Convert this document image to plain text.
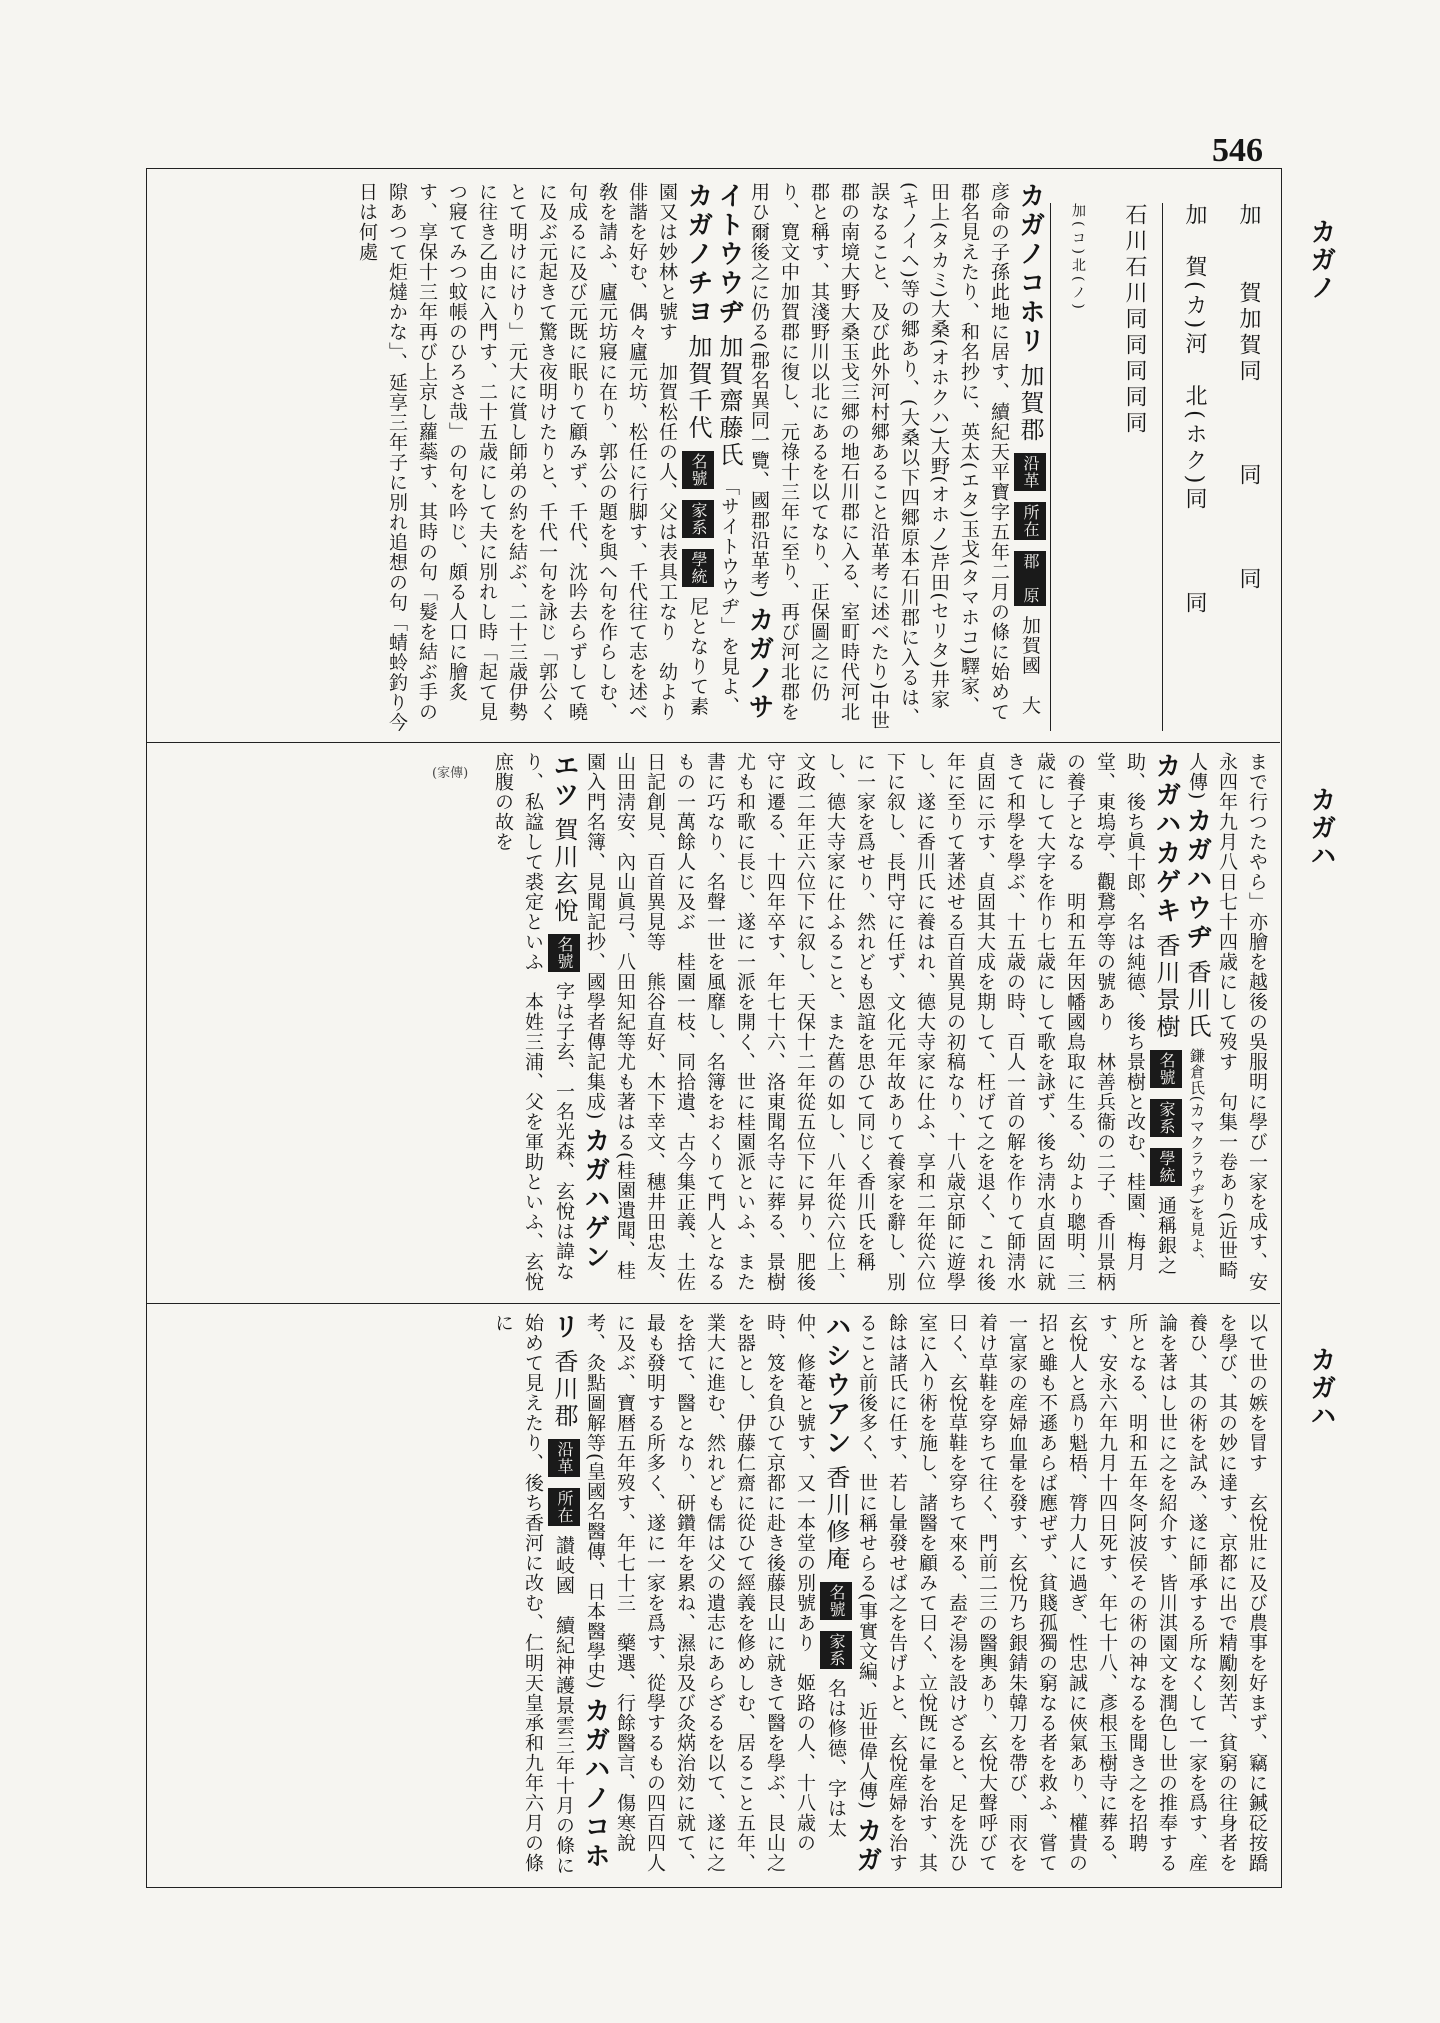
546
カガノ
カガハ
カガハ
加　　賀加賀同　　　同　　　同
加　賀(カ)河　北(ホク)同　　　同
石川石川同同同同同
加(コ)北(ノ)
カガノコホリ 加賀郡 沿革 所在 郡　原 加賀國　大彦命の子孫此地に居す、續紀天平寶字五年二月の條に始めて郡名見えたり、和名抄に、英太(エタ)玉戈(タマホコ)驛家、田上(タカミ)大桑(オホクハ)大野(オホノ)芹田(セリタ)井家(キノイヘ)等の郷あり、(大桑以下四郷原本石川郡に入るは、誤なること、及び此外河村郷あること沿革考に述べたり)中世郡の南境大野大桑玉戈三郷の地石川郡に入る、室町時代河北郡と稱す、其淺野川以北にあるを以てなり、正保圖之に仍り、寛文中加賀郡に復し、元祿十三年に至り、再び河北郡を用ひ爾後之に仍る(郡名異同一覽、國郡沿革考) カガノサイトウウヂ 加賀齋藤氏 「サイトウウヂ」を見よ、 カガノチヨ 加賀千代 名號 家系 學統 尼となりて素園又は妙林と號す　加賀松任の人、父は表具工なり　幼より俳諧を好む、偶々廬元坊、松任に行脚す、千代往て志を述べ敎を請ふ、廬元坊寢に在り、郭公の題を與へ句を作らしむ、句成るに及び元既に眠りて顧みず、千代、沈吟去らずして曉に及ぶ元起きて驚き夜明けたりと、千代一句を詠じ「郭公くとて明けにけり」元大に賞し師弟の約を結ぶ、二十三歳伊勢に往き乙由に入門す、二十五歳にして夫に別れし時「起て見つ寢てみつ蚊帳のひろさ哉」の句を吟じ、頗る人口に膾炙す、享保十三年再び上京し蘿蘂す、其時の句「髮を結ぶ手の隙あつて炬燵かな」、延享三年子に別れ追想の句「蜻蛉釣り今日は何處
まで行つたやら」亦膾を越後の吳服明に學び一家を成す、安永四年九月八日七十四歳にして歿す　句集一卷あり(近世畸人傳) カガハウヂ 香川氏 鎌倉氏(カマクラウヂ)を見よ、 カガハカゲキ 香川景樹 名號 家系 學統 通稱銀之助、後ち眞十郎、名は純德、後ち景樹と改む、桂園、梅月堂、東塢亭、觀鵞亭等の號あり　林善兵衞の二子、香川景柄の養子となる　明和五年因幡國鳥取に生る、幼より聰明、三歳にして大字を作り七歳にして歌を詠ず、後ち淸水貞固に就きて和學を學ぶ、十五歳の時、百人一首の解を作りて師淸水貞固に示す、貞固其大成を期して、枉げて之を退く、これ後年に至りて著述せる百首異見の初稿なり、十八歳京師に遊學し、遂に香川氏に養はれ、德大寺家に仕ふ、享和二年從六位下に叙し、長門守に任ず、文化元年故ありて養家を辭し、別に一家を爲せり、然れども恩誼を思ひて同じく香川氏を稱し、德大寺家に仕ふること、また舊の如し、八年從六位上、文政二年正六位下に叙し、天保十二年從五位下に昇り、肥後守に遷る、十四年卒す、年七十六、洛東聞名寺に葬る、景樹尤も和歌に長じ、遂に一派を開く、世に桂園派といふ、また書に巧なり、名聲一世を風靡し、名簿をおくりて門人となるもの一萬餘人に及ぶ　桂園一枝、同拾遺、古今集正義、土佐日記創見、百首異見等　熊谷直好、木下幸文、穗井田忠友、山田淸安、內山眞弓、八田知紀等尤も著はる(桂園遺聞、桂園入門名簿、見聞記抄、國學者傳記集成) カガハゲンエツ 賀川玄悅 名號 字は子玄、一名光森、玄悅は諱なり、私諡して裘定といふ　本姓三浦、父を軍助といふ、玄悅庶腹の故を
(家傳)
以て世の嫉を冒す　玄悅壯に及び農事を好まず、竊に鍼砭按蹻を學び、其の妙に達す、京都に出で精勵刻苦、貧窮の往身者を養ひ、其の術を試み、遂に師承する所なくして一家を爲す、産論を著はし世に之を紹介す、皆川淇園文を潤色し世の推奉する所となる、明和五年冬阿波侯その術の神なるを聞き之を招聘す、安永六年九月十四日死す、年七十八、彥根玉樹寺に葬る、玄悅人と爲り魁梧、膂力人に過ぎ、性忠誠に俠氣あり、權貴の招と雖も不遜あらば應ぜず、貧賤孤獨の窮なる者を救ふ、嘗て一富家の産婦血暈を發す、玄悅乃ち銀錆朱韓刀を帶び、雨衣を着け草鞋を穿ちて往く、門前二三の醫輿あり、玄悅大聲呼びて曰く、玄悅草鞋を穿ちて來る、盍ぞ湯を設けざると、足を洗ひ室に入り術を施し、諸醫を顧みて曰く、立悅旣に暈を治す、其餘は諸氏に任す、若し暈發せば之を告げよと、玄悅産婦を治すること前後多く、世に稱せらる(事實文編、近世偉人傳) カガハシウアン 香川修庵 名號 家系 名は修德、字は太仲、修菴と號す、又一本堂の別號あり　姬路の人、十八歳の時、笈を負ひて京都に赴き後藤艮山に就きて醫を學ぶ、艮山之を器とし、伊藤仁齋に從ひて經義を修めしむ、居ること五年、業大に進む、然れども儒は父の遺志にあらざるを以て、遂に之を捨て、醫となり、研鑽年を累ね、濕泉及び灸焫治効に就て、最も發明する所多く、遂に一家を爲す、從學するもの四百四人に及ぶ、寶暦五年歿す、年七十三　藥選、行餘醫言、傷寒說考、灸點圖解等(皇國名醫傳、日本醫學史) カガハノコホリ 香川郡 沿革 所在 讃岐國　續紀神護景雲三年十月の條に始めて見えたり、後ち香河に改む、仁明天皇承和九年六月の條に
